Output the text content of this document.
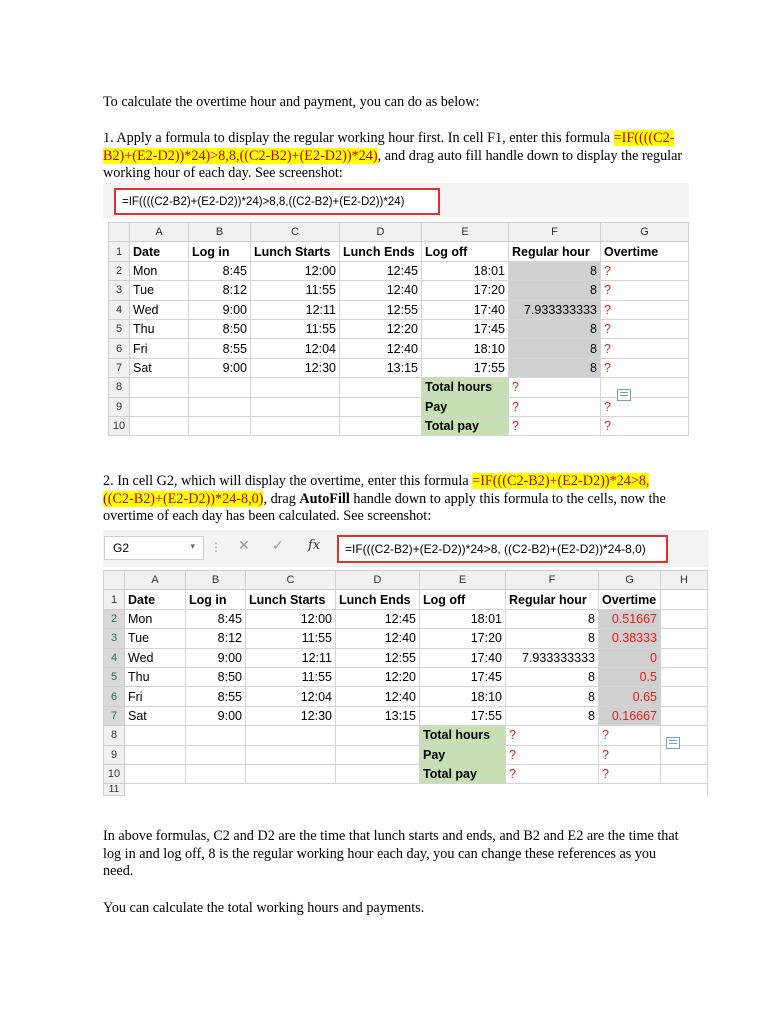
To calculate the overtime hour and payment, you can do as below:
1. Apply a formula to display the regular working hour first. In cell F1, enter this formula =IF((((C2-B2)+(E2-D2))*24)>8,8,((C2-B2)+(E2-D2))*24), and drag auto fill handle down to display the regular working hour of each day. See screenshot:
=IF((((C2-B2)+(E2-D2))*24)>8,8,((C2-B2)+(E2-D2))*24)
	A	B	C	D	E	F	G
1	Date	Log in	Lunch Starts	Lunch Ends	Log off	Regular hour	Overtime
2	Mon	8:45	12:00	12:45	18:01	8	?
3	Tue	8:12	11:55	12:40	17:20	8	?
4	Wed	9:00	12:11	12:55	17:40	7.933333333	?
5	Thu	8:50	11:55	12:20	17:45	8	?
6	Fri	8:55	12:04	12:40	18:10	8	?
7	Sat	9:00	12:30	13:15	17:55	8	?
8					Total hours	?	
9					Pay	?	?
10					Total pay	?	?
2. In cell G2, which will display the overtime, enter this formula =IF(((C2-B2)+(E2-D2))*24>8, ((C2-B2)+(E2-D2))*24-8,0), drag AutoFill handle down to apply this formula to the cells, now the overtime of each day has been calculated. See screenshot:
G2	▾ ⋮ ✕ ✓ fx	=IF(((C2-B2)+(E2-D2))*24>8, ((C2-B2)+(E2-D2))*24-8,0)
	A	B	C	D	E	F	G	H
1	Date	Log in	Lunch Starts	Lunch Ends	Log off	Regular hour	Overtime	
2	Mon	8:45	12:00	12:45	18:01	8	0.51667	
3	Tue	8:12	11:55	12:40	17:20	8	0.38333	
4	Wed	9:00	12:11	12:55	17:40	7.933333333	0	
5	Thu	8:50	11:55	12:20	17:45	8	0.5	
6	Fri	8:55	12:04	12:40	18:10	8	0.65	
7	Sat	9:00	12:30	13:15	17:55	8	0.16667	
8					Total hours	?	?	
9					Pay	?	?	
10					Total pay	?	?	
11								
In above formulas, C2 and D2 are the time that lunch starts and ends, and B2 and E2 are the time that log in and log off, 8 is the regular working hour each day, you can change these references as you need.
You can calculate the total working hours and payments.
